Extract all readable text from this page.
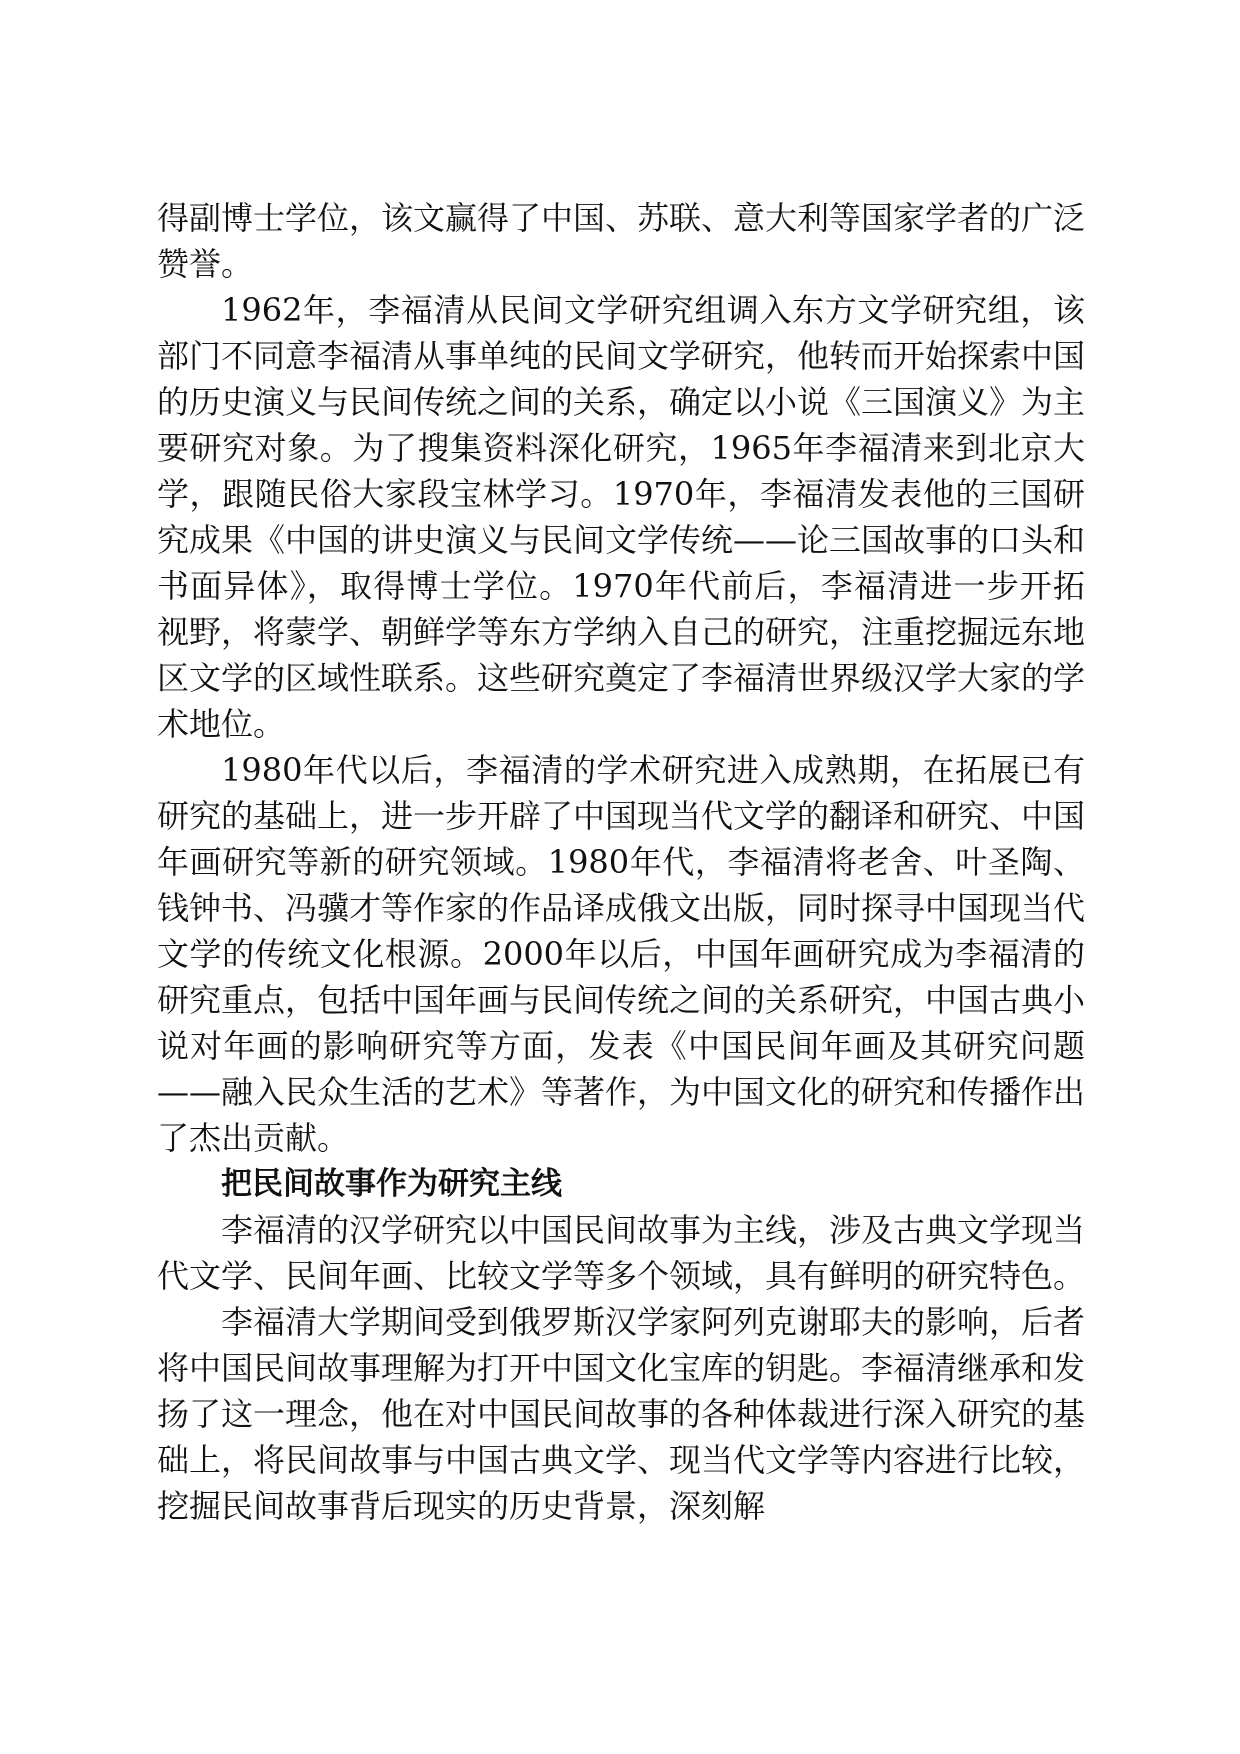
得副博士学位，该文赢得了中国、苏联、意大利等国家学者的广泛赞誉。

1962年，李福清从民间文学研究组调入东方文学研究组，该部门不同意李福清从事单纯的民间文学研究，他转而开始探索中国的历史演义与民间传统之间的关系，确定以小说《三国演义》为主要研究对象。为了搜集资料深化研究，1965年李福清来到北京大学，跟随民俗大家段宝林学习。1970年，李福清发表他的三国研究成果《中国的讲史演义与民间文学传统——论三国故事的口头和书面异体》，取得博士学位。1970年代前后，李福清进一步开拓视野，将蒙学、朝鲜学等东方学纳入自己的研究，注重挖掘远东地区文学的区域性联系。这些研究奠定了李福清世界级汉学大家的学术地位。

1980年代以后，李福清的学术研究进入成熟期，在拓展已有研究的基础上，进一步开辟了中国现当代文学的翻译和研究、中国年画研究等新的研究领域。1980年代，李福清将老舍、叶圣陶、钱钟书、冯骥才等作家的作品译成俄文出版，同时探寻中国现当代文学的传统文化根源。2000年以后，中国年画研究成为李福清的研究重点，包括中国年画与民间传统之间的关系研究，中国古典小说对年画的影响研究等方面，发表《中国民间年画及其研究问题——融入民众生活的艺术》等著作，为中国文化的研究和传播作出了杰出贡献。

把民间故事作为研究主线

李福清的汉学研究以中国民间故事为主线，涉及古典文学现当代文学、民间年画、比较文学等多个领域，具有鲜明的研究特色。

李福清大学期间受到俄罗斯汉学家阿列克谢耶夫的影响，后者将中国民间故事理解为打开中国文化宝库的钥匙。李福清继承和发扬了这一理念，他在对中国民间故事的各种体裁进行深入研究的基础上，将民间故事与中国古典文学、现当代文学等内容进行比较，挖掘民间故事背后现实的历史背景，深刻解
